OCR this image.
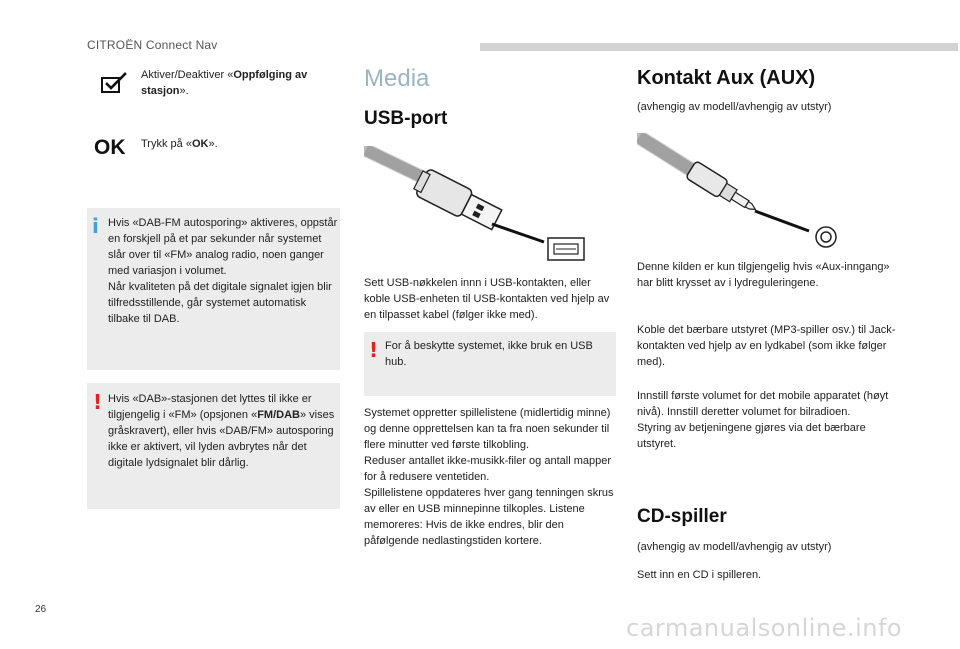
CITROËN Connect Nav
Aktiver/Deaktiver «Oppfølging av stasjon».
OK Trykk på «OK».
i Hvis «DAB-FM autosporing» aktiveres, oppstår en forskjell på et par sekunder når systemet slår over til «FM» analog radio, noen ganger med variasjon i volumet.
Når kvaliteten på det digitale signalet igjen blir tilfredsstillende, går systemet automatisk tilbake til DAB.
! Hvis «DAB»-stasjonen det lyttes til ikke er tilgjengelig i «FM» (opsjonen «FM/DAB» vises gråskravert), eller hvis «DAB/FM» autosporing ikke er aktivert, vil lyden avbrytes når det digitale lydsignalet blir dårlig.
Media
USB-port
Sett USB-nøkkelen innn i USB-kontakten, eller koble USB-enheten til USB-kontakten ved hjelp av en tilpasset kabel (følger ikke med).
! For å beskytte systemet, ikke bruk en USB hub.
Systemet oppretter spillelistene (midlertidig minne) og denne opprettelsen kan ta fra noen sekunder til flere minutter ved første tilkobling.
Reduser antallet ikke-musikk-filer og antall mapper for å redusere ventetiden.
Spillelistene oppdateres hver gang tenningen skrus av eller en USB minnepinne tilkoples. Listene memoreres: Hvis de ikke endres, blir den påfølgende nedlastingstiden kortere.
Kontakt Aux (AUX)
(avhengig av modell/avhengig av utstyr)
Denne kilden er kun tilgjengelig hvis «Aux-inngang» har blitt krysset av i lydreguleringene.
Koble det bærbare utstyret (MP3-spiller osv.) til Jack-kontakten ved hjelp av en lydkabel (som ikke følger med).
Innstill første volumet for det mobile apparatet (høyt nivå). Innstill deretter volumet for bilradioen.
Styring av betjeningene gjøres via det bærbare utstyret.
CD-spiller
(avhengig av modell/avhengig av utstyr)
Sett inn en CD i spilleren.
26
carmanualsonline.info
